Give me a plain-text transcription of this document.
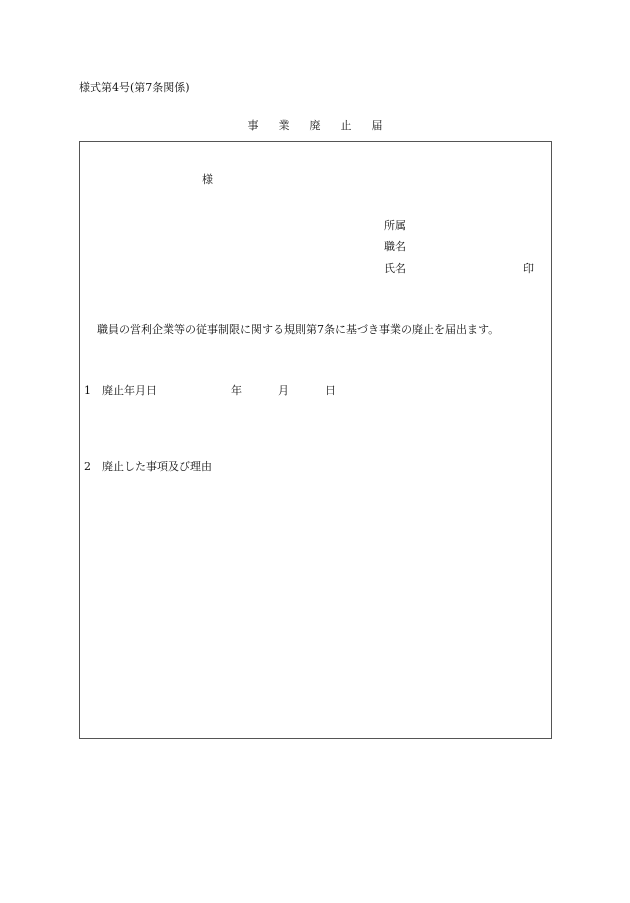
様式第4号(第7条関係)
事業廃止届
様
所属
職名
氏名	印
職員の営利企業等の従事制限に関する規則第7条に基づき事業の廃止を届出ます。
1 廃止年月日	年	月	日
2 廃止した事項及び理由
